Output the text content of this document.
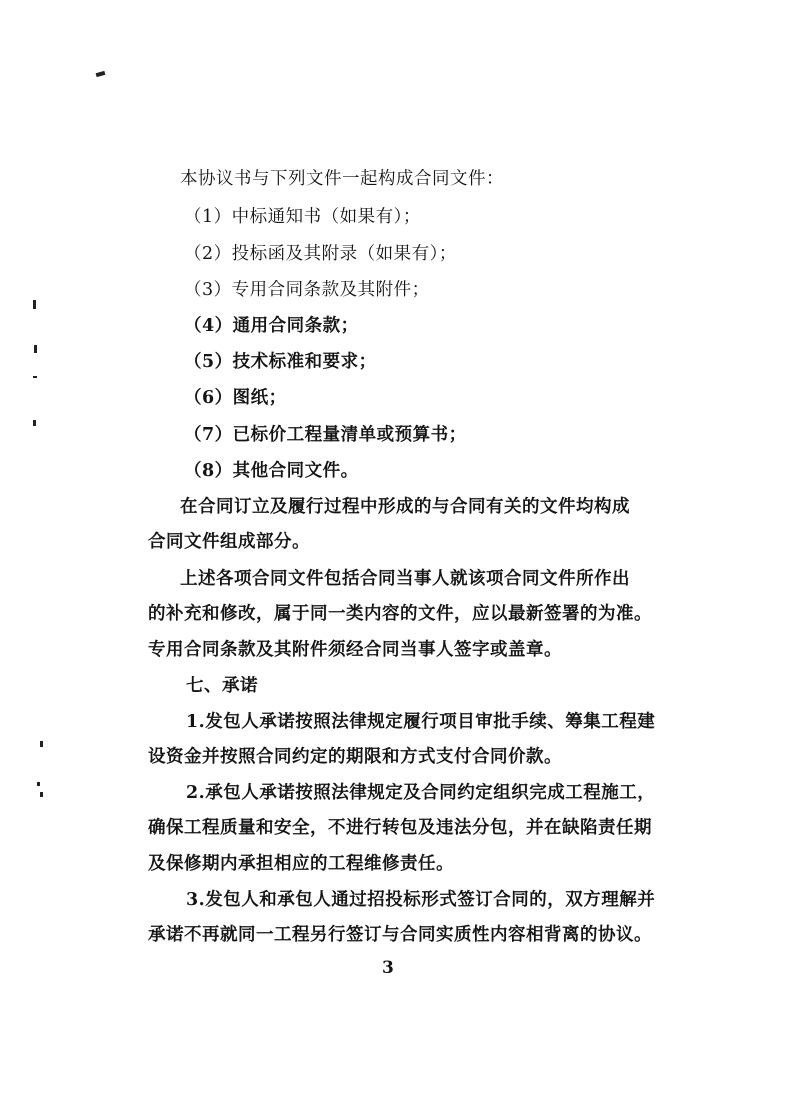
本协议书与下列文件一起构成合同文件：
（1）中标通知书（如果有）；
（2）投标函及其附录（如果有）；
（3）专用合同条款及其附件；
（4）通用合同条款；
（5）技术标准和要求；
（6）图纸；
（7）已标价工程量清单或预算书；
（8）其他合同文件。
在合同订立及履行过程中形成的与合同有关的文件均构成
合同文件组成部分。
上述各项合同文件包括合同当事人就该项合同文件所作出
的补充和修改，属于同一类内容的文件，应以最新签署的为准。
专用合同条款及其附件须经合同当事人签字或盖章。
七、承诺
1.发包人承诺按照法律规定履行项目审批手续、筹集工程建
设资金并按照合同约定的期限和方式支付合同价款。
2.承包人承诺按照法律规定及合同约定组织完成工程施工，
确保工程质量和安全，不进行转包及违法分包，并在缺陷责任期
及保修期内承担相应的工程维修责任。
3.发包人和承包人通过招投标形式签订合同的，双方理解并
承诺不再就同一工程另行签订与合同实质性内容相背离的协议。
3
